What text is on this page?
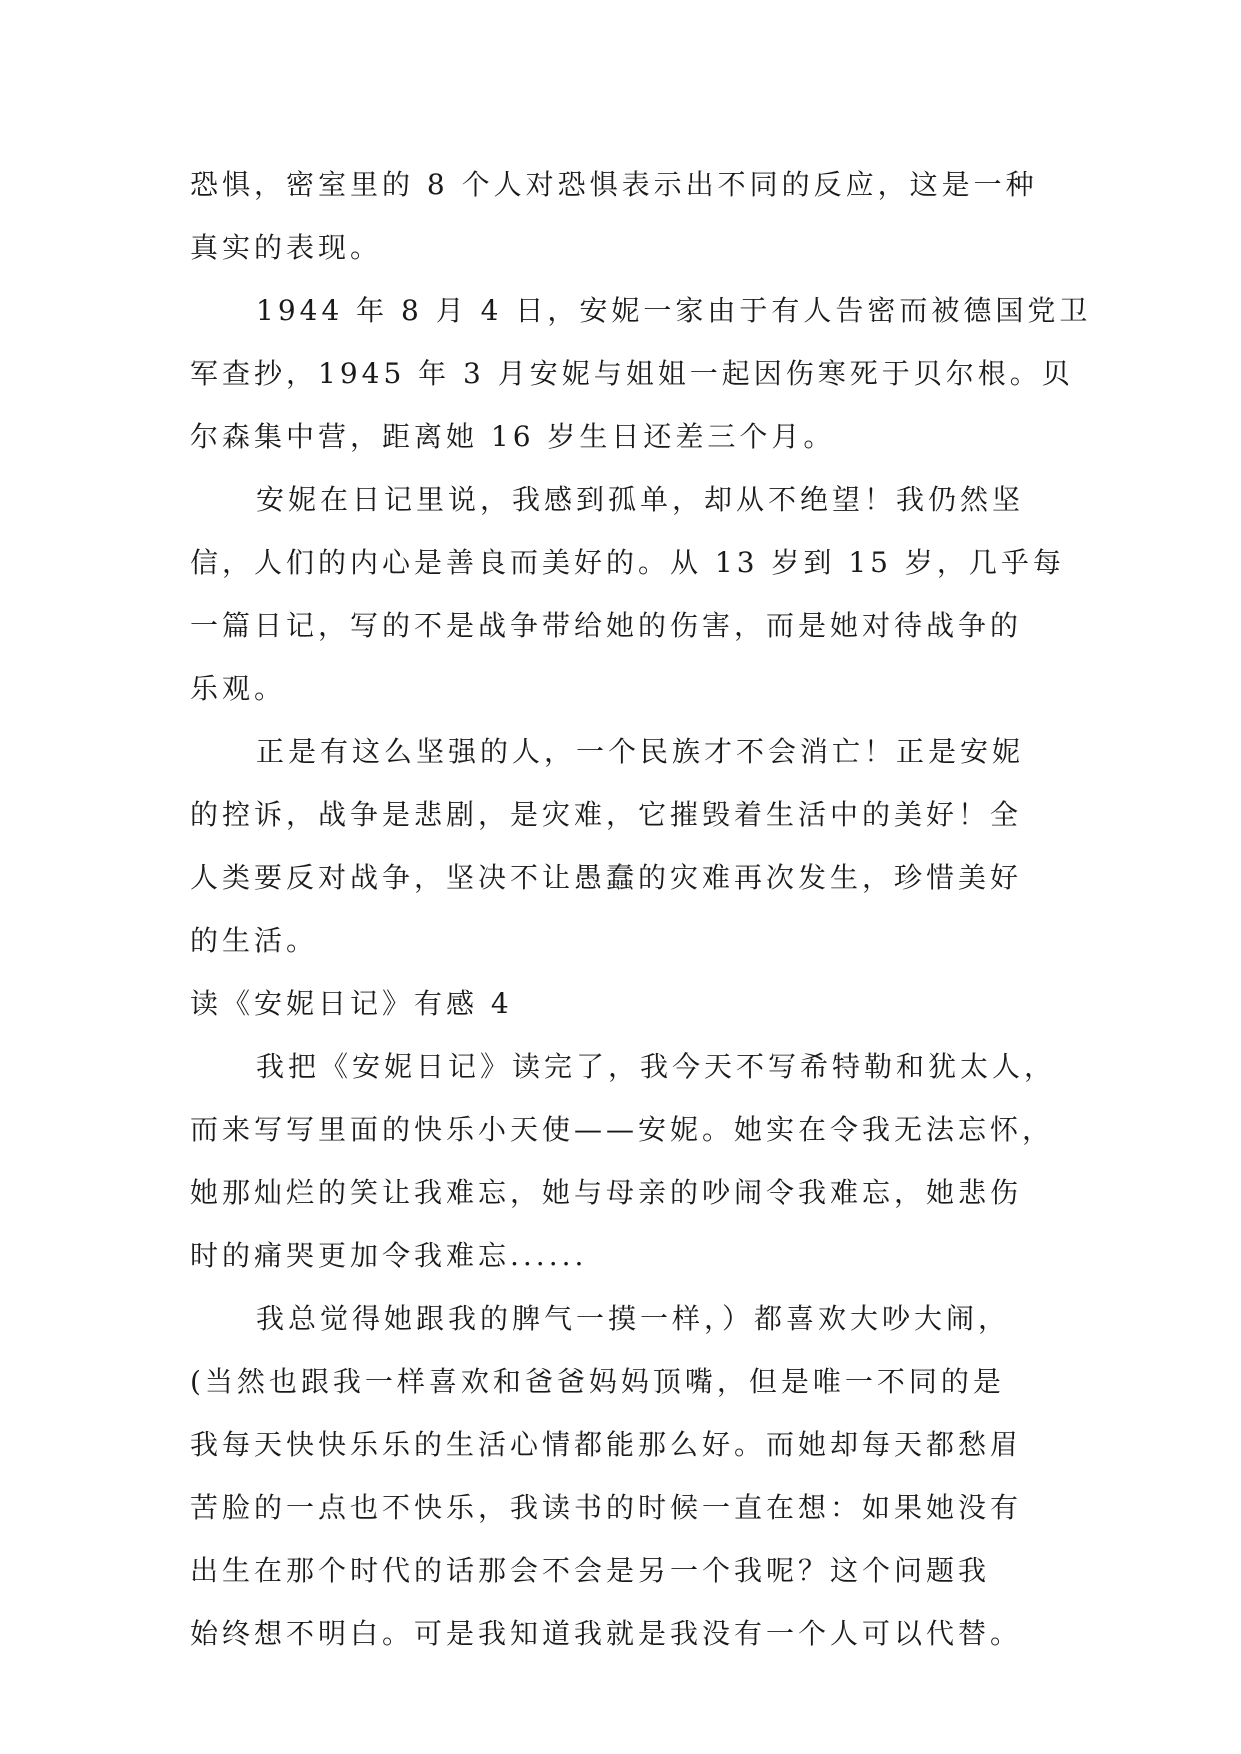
恐惧，密室里的 8 个人对恐惧表示出不同的反应，这是一种
真实的表现。
1944 年 8 月 4 日，安妮一家由于有人告密而被德国党卫
军查抄，1945 年 3 月安妮与姐姐一起因伤寒死于贝尔根。贝
尔森集中营，距离她 16 岁生日还差三个月。
安妮在日记里说，我感到孤单，却从不绝望！我仍然坚
信，人们的内心是善良而美好的。从 13 岁到 15 岁，几乎每
一篇日记，写的不是战争带给她的伤害，而是她对待战争的
乐观。
正是有这么坚强的人，一个民族才不会消亡！正是安妮
的控诉，战争是悲剧，是灾难，它摧毁着生活中的美好！全
人类要反对战争，坚决不让愚蠢的灾难再次发生，珍惜美好
的生活。
读《安妮日记》有感 4
我把《安妮日记》读完了，我今天不写希特勒和犹太人，
而来写写里面的快乐小天使——安妮。她实在令我无法忘怀，
她那灿烂的笑让我难忘，她与母亲的吵闹令我难忘，她悲伤
时的痛哭更加令我难忘......
我总觉得她跟我的脾气一摸一样，）都喜欢大吵大闹，
(当然也跟我一样喜欢和爸爸妈妈顶嘴，但是唯一不同的是
我每天快快乐乐的生活心情都能那么好。而她却每天都愁眉
苦脸的一点也不快乐，我读书的时候一直在想：如果她没有
出生在那个时代的话那会不会是另一个我呢？这个问题我
始终想不明白。可是我知道我就是我没有一个人可以代替。
